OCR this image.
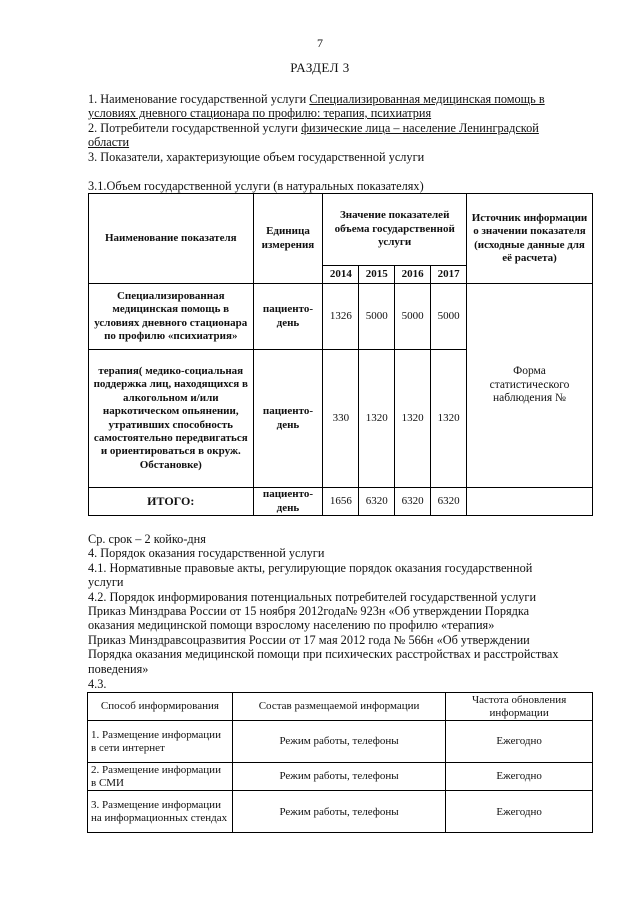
7
РАЗДЕЛ 3
1. Наименование государственной услуги Специализированная медицинская помощь в
условиях дневного стационара по профилю: терапия, психиатрия
2. Потребители государственной услуги физические лица – население Ленинградской
области
3. Показатели, характеризующие объем государственной услуги
3.1.Объем государственной услуги (в натуральных показателях)
Наименование показателя	Единица измерения	Значение показателей объема государственной услуги				Источник информации о значении показателя (исходные данные для её расчета)
		2014	2015	2016	2017	
Специализированная медицинская помощь в условиях дневного стационара по профилю «психиатрия»	пациенто-день	1326	5000	5000	5000	Форма статистического наблюдения №
терапия( медико-социальная поддержка лиц, находящихся в алкогольном и/или наркотическом опьянении, утративших способность самостоятельно передвигаться и ориентироваться в окруж. Обстановке)	пациенто-день	330	1320	1320	1320	
ИТОГО:	пациенто-день	1656	6320	6320	6320	
Ср. срок – 2 койко-дня
4. Порядок оказания государственной услуги
4.1. Нормативные правовые акты, регулирующие порядок оказания государственной
услуги
4.2. Порядок информирования потенциальных потребителей государственной услуги
Приказ Минздрава России от 15 ноября 2012года№ 923н «Об утверждении Порядка
оказания медицинской помощи взрослому населению по профилю «терапия»
Приказ Минздравсоцразвития России от 17 мая 2012 года № 566н «Об утверждении
Порядка оказания медицинской помощи при психических расстройствах и расстройствах
поведения»
4.3.
Способ информирования	Состав размещаемой информации	Частота обновления информации
1. Размещение информации в сети интернет	Режим работы, телефоны	Ежегодно
2. Размещение информации в СМИ	Режим работы, телефоны	Ежегодно
3. Размещение информации на информационных стендах	Режим работы, телефоны	Ежегодно
